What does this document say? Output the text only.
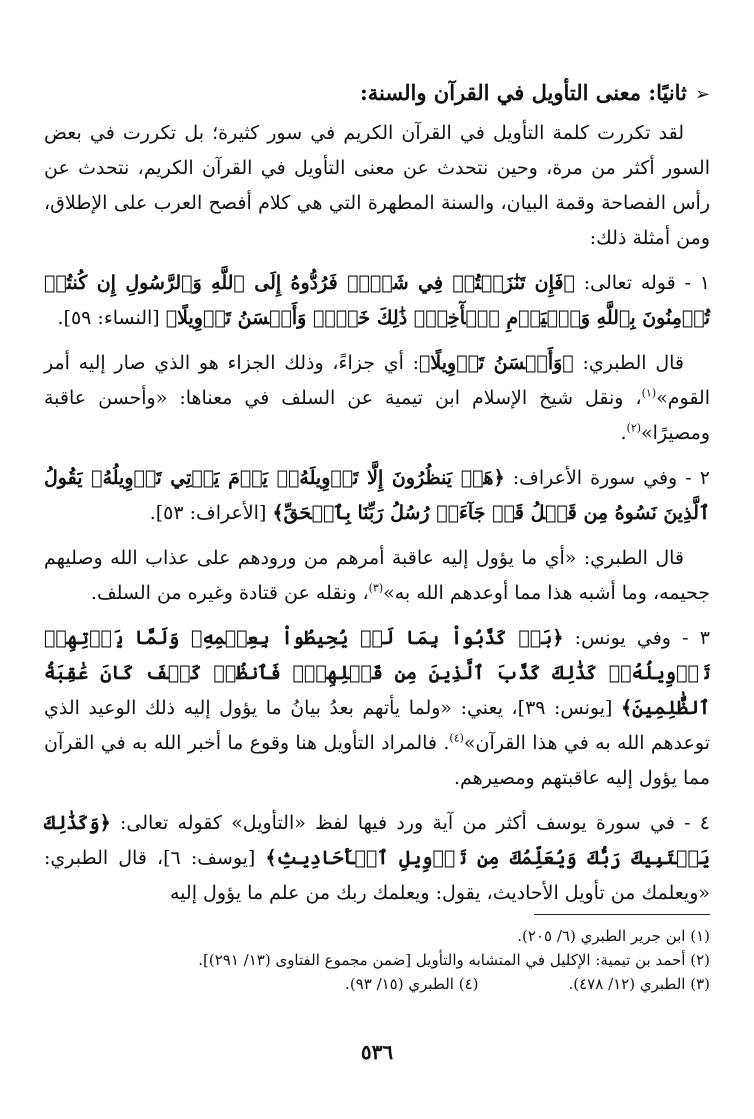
➢ثانيًا: معنى التأويل في القرآن والسنة:

لقد تكررت كلمة التأويل في القرآن الكريم في سور كثيرة؛ بل تكررت في بعض السور أكثر من مرة، وحين نتحدث عن معنى التأويل في القرآن الكريم، نتحدث عن رأس الفصاحة وقمة البيان، والسنة المطهرة التي هي كلام أفصح العرب على الإطلاق، ومن أمثلة ذلك:

١ - قوله تعالى: ﴿فَإِن تَنَٰزَعۡتُمۡ فِي شَيۡءٖ فَرُدُّوهُ إِلَى ٱللَّهِ وَٱلرَّسُولِ إِن كُنتُمۡ تُؤۡمِنُونَ بِٱللَّهِ وَٱلۡيَوۡمِ ٱلۡأٓخِرِۚ ذَٰلِكَ خَيۡرٞ وَأَحۡسَنُ تَأۡوِيلًا﴾ [النساء: ٥٩].

قال الطبري: ﴿وَأَحۡسَنُ تَأۡوِيلًا﴾: أي جزاءً، وذلك الجزاء هو الذي صار إليه أمر القوم»$^{(١)}$، ونقل شيخ الإسلام ابن تيمية عن السلف في معناها: «وأحسن عاقبة ومصيرًا»$^{(٢)}$.

٢ - وفي سورة الأعراف: ﴿هَلۡ يَنظُرُونَ إِلَّا تَأۡوِيلَهُۥۚ يَوۡمَ يَأۡتِي تَأۡوِيلُهُۥ يَقُولُ ٱلَّذِينَ نَسُوهُ مِن قَبۡلُ قَدۡ جَآءَتۡ رُسُلُ رَبِّنَا بِٱلۡحَقِّ﴾ [الأعراف: ٥٣].

قال الطبري: «أي ما يؤول إليه عاقبة أمرهم من ورودهم على عذاب الله وصليهم جحيمه، وما أشبه هذا مما أوعدهم الله به»$^{(٣)}$، ونقله عن قتادة وغيره من السلف.

٣ - وفي يونس: ﴿بَلۡ كَذَّبُواْ بِمَا لَمۡ يُحِيطُواْ بِعِلۡمِهِۦ وَلَمَّا يَأۡتِهِمۡ تَأۡوِيلُهُۥۚ كَذَٰلِكَ كَذَّبَ ٱلَّذِينَ مِن قَبۡلِهِمۡۖ فَٱنظُرۡ كَيۡفَ كَانَ عَٰقِبَةُ ٱلظَّٰلِمِينَ﴾ [يونس: ٣٩]، يعني: «ولما يأتهم بعدُ بيانُ ما يؤول إليه ذلك الوعيد الذي توعدهم الله به في هذا القرآن»$^{(٤)}$. فالمراد التأويل هنا وقوع ما أخبر الله به في القرآن مما يؤول إليه عاقبتهم ومصيرهم.

٤ - في سورة يوسف أكثر من آية ورد فيها لفظ «التأويل» كقوله تعالى: ﴿وَكَذَٰلِكَ يَجۡتَبِيكَ رَبُّكَ وَيُعَلِّمُكَ مِن تَأۡوِيلِ ٱلۡأَحَادِيثِ﴾ [يوسف: ٦]، قال الطبري: «ويعلمك من تأويل الأحاديث، يقول: ويعلمك ربك من علم ما يؤول إليه

(١) ابن جرير الطبري (٦/ ٢٠٥).

(٢) أحمد بن تيمية: الإكليل في المتشابه والتأويل [ضمن مجموع الفتاوى (١٣/ ٢٩١)].

(٣) الطبري (١٢/ ٤٧٨).(٤) الطبري (١٥/ ٩٣).

٥٣٦
